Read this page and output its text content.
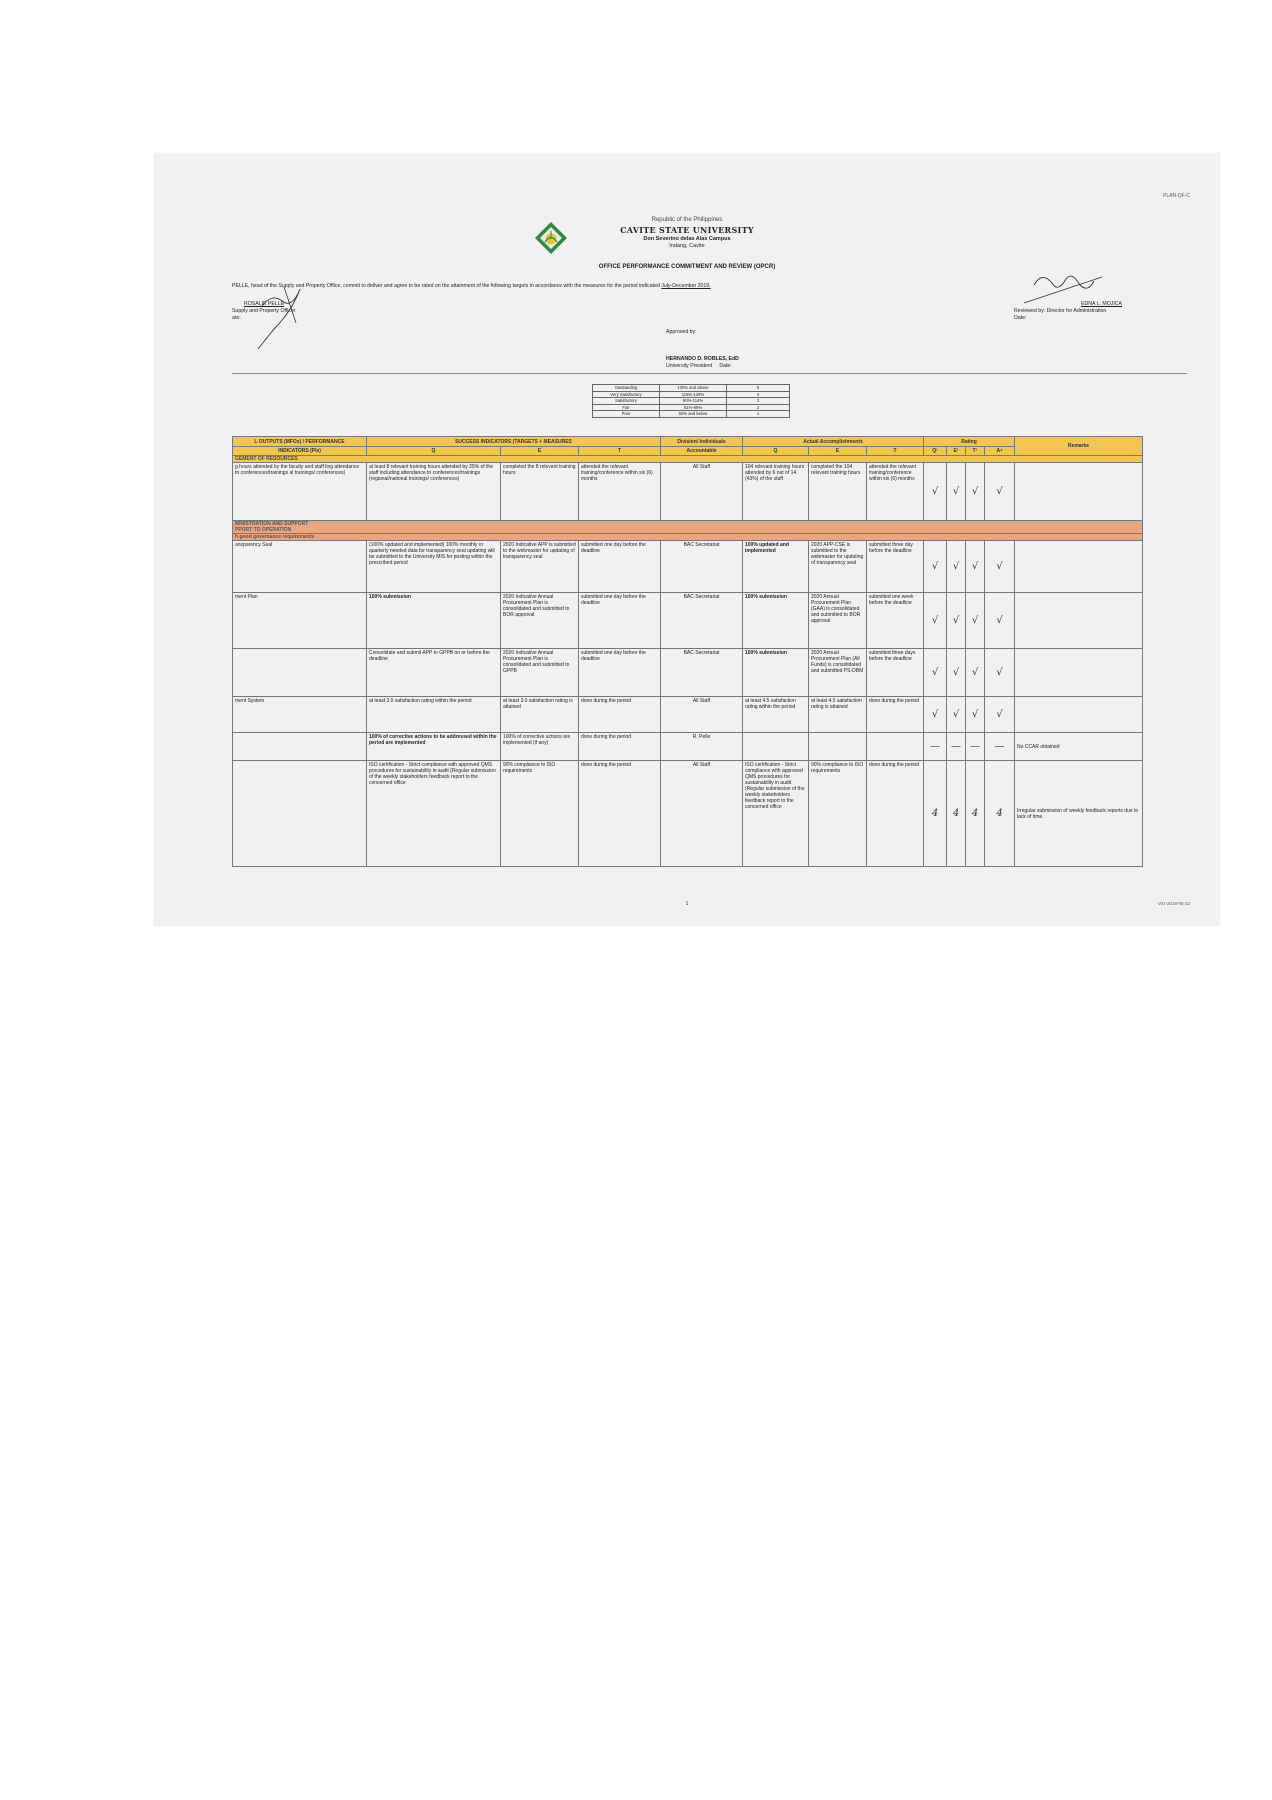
PLAN-QF-C
Republic of the Philippines
CAVITE STATE UNIVERSITY
Don Severino delas Alas Campus
Indang, Cavite
OFFICE PERFORMANCE COMMITMENT AND REVIEW (OPCR)
PELLE, head of the Supply and Property Office, commit to deliver and agree to be rated on the attainment of the following targets in accordance with the measures for the period indicated July-December 2019.
ROSALIE PELLE
Supply and Property Officer
ate:
EDNA L. MOJICA
Reviewed by: Director for Administration
Date:
Approved by:
HERNANDO D. ROBLES, EdD
University President Date:
Outstanding	130% and above	5
Very Satisfactory	115%-129%	4
Satisfactory	90%-114%	3
Fair	51%-89%	2
Poor	50% and below	1
L OUTPUTS (MFOs) / PERFORMANCE	SUCCESS INDICATORS (TARGETS + MEASURES			Division/ Individuals	Actual Accomplishments			Rating				Remarks
INDICATORS (PIs)	Q	E	T	Accountable	Q	E	T	Q¹	E²	T³	A⁴	
GEMENT OF RESOURCES												
g hours attended by the faculty and staff ling attendance to conferences/trainings al trainings/ conferences)	at least 8 relevant training hours attended by 25% of the staff including attendance to conferences/trainings (regional/national trainings/ conferences)	completed the 8 relevant training hours	attended the relevant training/conference within six (6) months	All Staff	104 relevant training hours attended by 6 out of 14 (43%) of the staff	completed the 104 relevant training hours	attended the relevant training/conference within six (6) months	√	√	√	√	

MINISTRATION AND SUPPORT
PPORT TO OPERATION												

h good governance requirements												
ansparency Seal	(100% updated and implemented) 100% monthly or quarterly needed data for transparency seal updating will be submitted to the University MIS for posting within the prescribed period	2020 Indicative APP is submitted to the webmaster for updating of transparency seal	submitted one day before the deadline	BAC Secretariat	100% updated and implemented	2020 APP-CSE is submitted to the webmaster for updating of transparency seal	submitted three day before the deadline	√	√	√	√	
ment Plan	100% submission	2020 Indicative Annual Procurement Plan is consolidated and submitted to BOR approval	submitted one day before the deadline	BAC Secretariat	100% submission	2020 Annual Procurement Plan (GAA) is consolidated and submitted to BOR approval	submitted one week before the deadline	√	√	√	√	
	Consolidate and submit APP to GPPB on or before the deadline	2020 Indicative Annual Procurement Plan is consolidated and submitted to GPPB	submitted one day before the deadline	BAC Secretariat	100% submission	2020 Annual Procurement Plan (All Funds) is consolidated and submitted PS-DBM	submitted three days before the deadline	√	√	√	√	
ment System	at least 3.0 satisfaction rating within the period	at least 3.0 satisfaction rating is attained	done during the period	All Staff	at least 4.5 satisfaction rating within the period	at least 4.5 satisfaction rating is attained	done during the period	√	√	√	√	
	100% of corrective actions to be addressed within the period are implemented	100% of corrective actions are implemented (if any)	done during the period	R. Pelle				—	—	—	—	No CCAR obtained
	ISO certification - Strict compliance with approved QMS procedures for sustainability in audit (Regular submission of the weekly stakeholders feedback report to the concerned office	90% compliance to ISO requirements	done during the period	All Staff	ISO certification - Strict compliance with approved QMS procedures for sustainability in audit (Regular submission of the weekly stakeholders feedback report to the concerned office	90% compliance to ISO requirements	done during the period	4	4	4	4	Irregular submission of weekly feedback reports due to lack of time.
1	v01-2018-05-22
